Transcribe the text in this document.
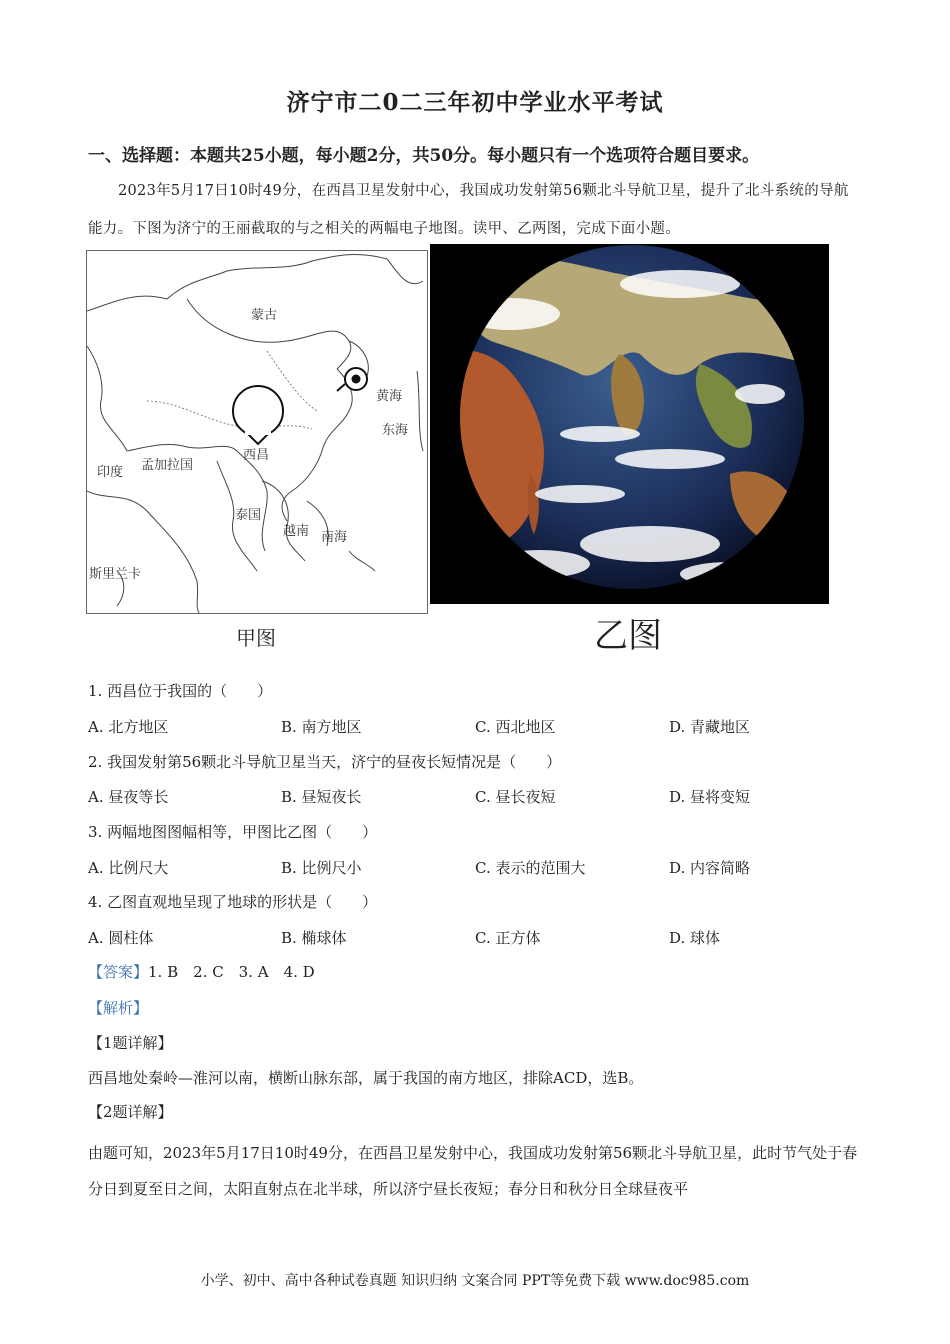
济宁市二0二三年初中学业水平考试
一、选择题：本题共25小题，每小题2分，共50分。每小题只有一个选项符合题目要求。
2023年5月17日10时49分，在西昌卫星发射中心，我国成功发射第56颗北斗导航卫星，提升了北斗系统的导航能力。下图为济宁的王丽截取的与之相关的两幅电子地图。读甲、乙两图，完成下面小题。
蒙古
黄海
东海
西昌
印度 孟加拉国
泰国
越南 南海
斯里兰卡
甲图	乙图
1. 西昌位于我国的（　　）
A. 北方地区	B. 南方地区	C. 西北地区	D. 青藏地区
2. 我国发射第56颗北斗导航卫星当天，济宁的昼夜长短情况是（　　）
A. 昼夜等长	B. 昼短夜长	C. 昼长夜短	D. 昼将变短
3. 两幅地图图幅相等，甲图比乙图（　　）
A. 比例尺大	B. 比例尺小	C. 表示的范围大	D. 内容简略
4. 乙图直观地呈现了地球的形状是（　　）
A. 圆柱体	B. 椭球体	C. 正方体	D. 球体
【答案】1. B　2. C　3. A　4. D
【解析】
【1题详解】
西昌地处秦岭—淮河以南，横断山脉东部，属于我国的南方地区，排除ACD，选B。
【2题详解】
由题可知，2023年5月17日10时49分，在西昌卫星发射中心，我国成功发射第56颗北斗导航卫星，此时节气处于春分日到夏至日之间，太阳直射点在北半球，所以济宁昼长夜短；春分日和秋分日全球昼夜平
小学、初中、高中各种试卷真题 知识归纳 文案合同 PPT等免费下载 www.doc985.com
